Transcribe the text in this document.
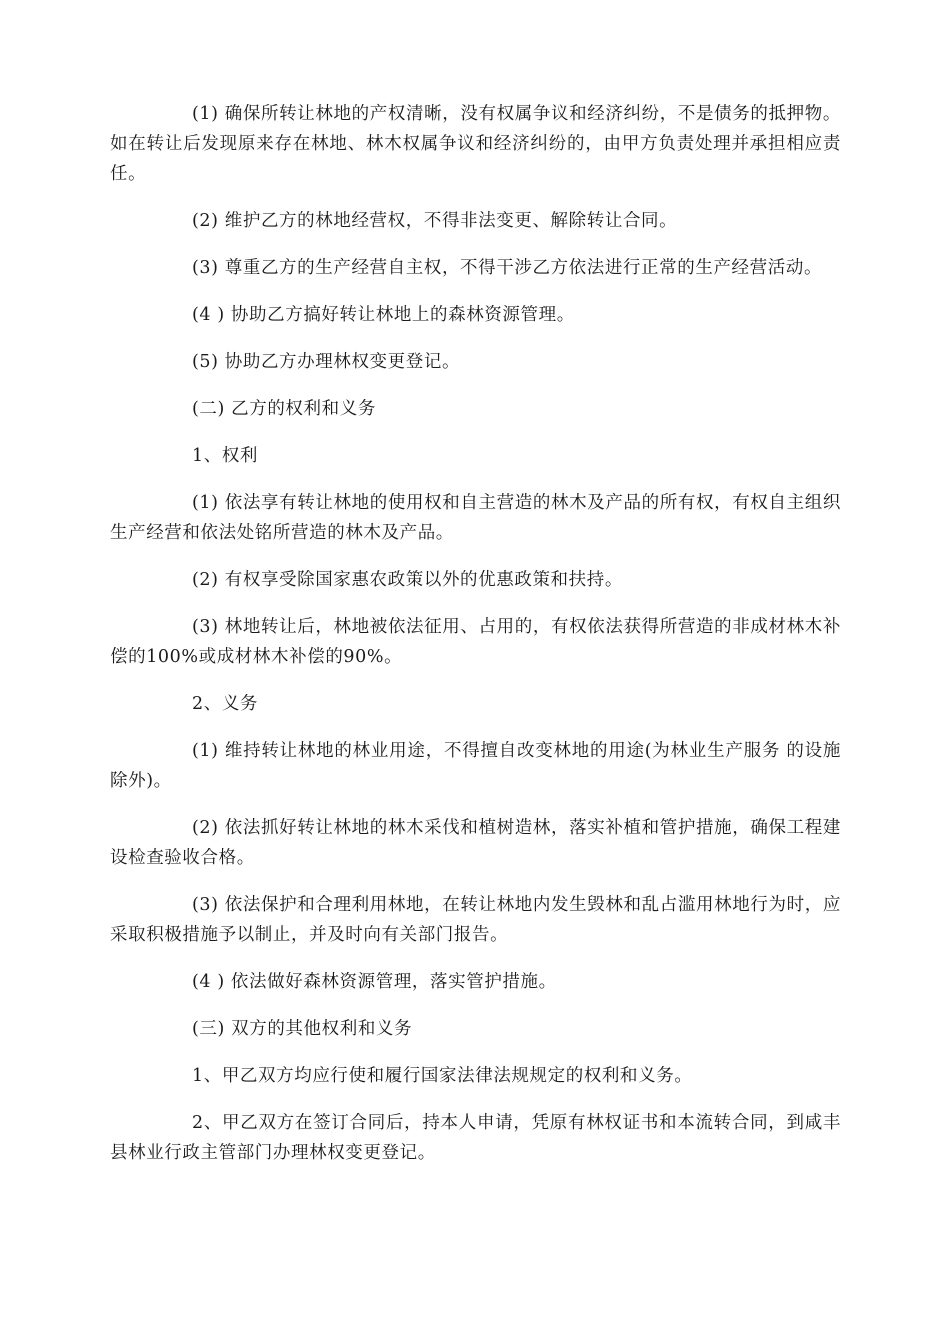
(1) 确保所转让林地的产权清晰，没有权属争议和经济纠纷，不是债务的抵押物。如在转让后发现原来存在林地、林木权属争议和经济纠纷的，由甲方负责处理并承担相应责任。

(2) 维护乙方的林地经营权，不得非法变更、解除转让合同。

(3) 尊重乙方的生产经营自主权，不得干涉乙方依法进行正常的生产经营活动。

(4 ) 协助乙方搞好转让林地上的森林资源管理。

(5) 协助乙方办理林权变更登记。

(二) 乙方的权利和义务

1、权利

(1) 依法享有转让林地的使用权和自主营造的林木及产品的所有权，有权自主组织生产经营和依法处铭所营造的林木及产品。

(2) 有权享受除国家惠农政策以外的优惠政策和扶持。

(3) 林地转让后，林地被依法征用、占用的，有权依法获得所营造的非成材林木补偿的100%或成材林木补偿的90%。

2、义务

(1) 维持转让林地的林业用途，不得擅自改变林地的用途(为林业生产服务 的设施除外)。

(2) 依法抓好转让林地的林木采伐和植树造林，落实补植和管护措施，确保工程建设检查验收合格。

(3) 依法保护和合理利用林地，在转让林地内发生毁林和乱占滥用林地行为时，应采取积极措施予以制止，并及时向有关部门报告。

(4 ) 依法做好森林资源管理，落实管护措施。

(三) 双方的其他权利和义务

1、甲乙双方均应行使和履行国家法律法规规定的权利和义务。

2、甲乙双方在签订合同后，持本人申请，凭原有林权证书和本流转合同，到咸丰县林业行政主管部门办理林权变更登记。
